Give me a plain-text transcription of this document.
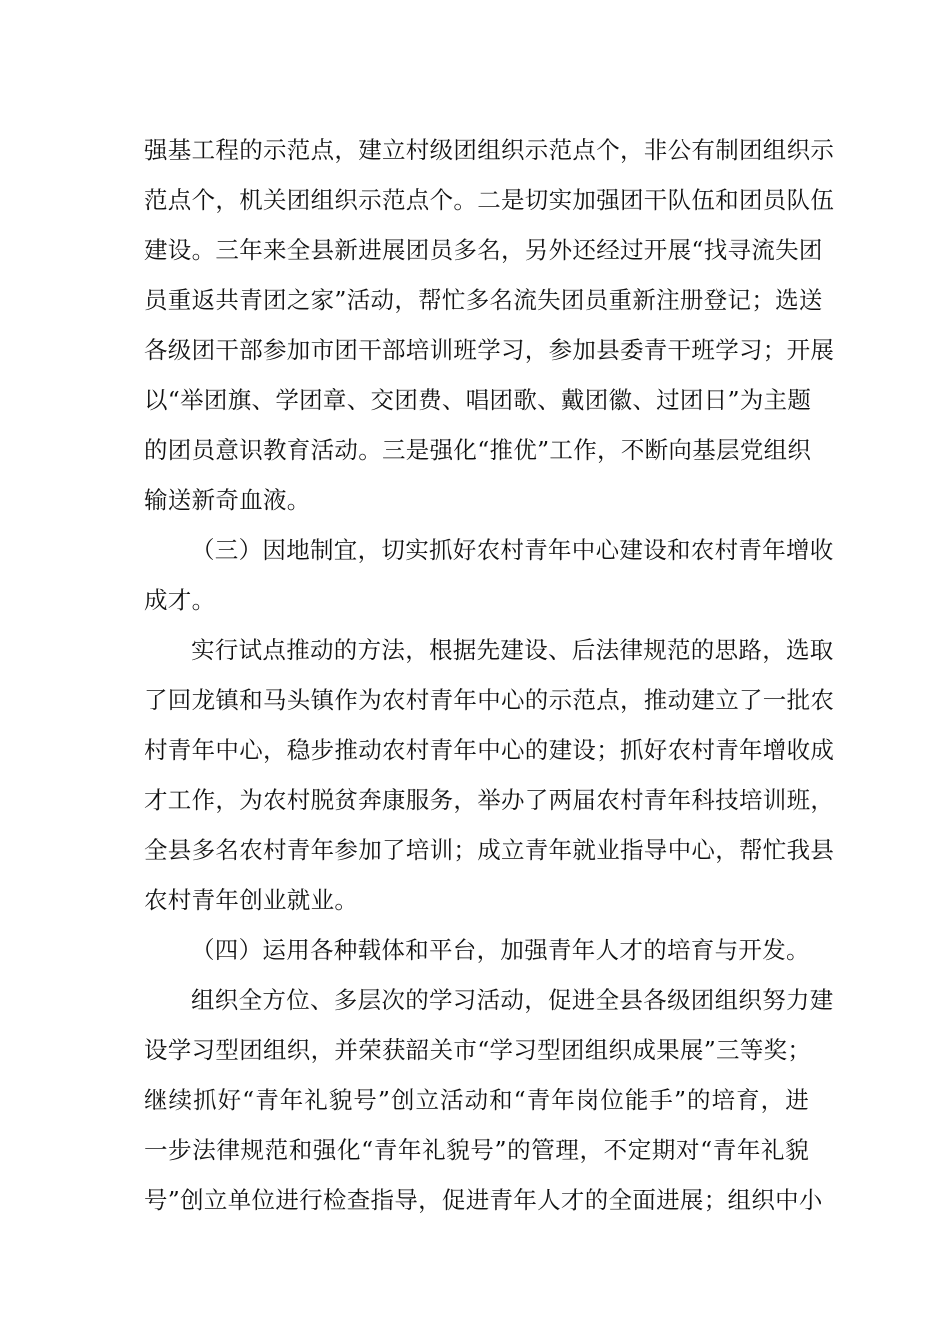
强基工程的示范点，建立村级团组织示范点个，非公有制团组织示
范点个，机关团组织示范点个。二是切实加强团干队伍和团员队伍
建设。三年来全县新进展团员多名，另外还经过开展“找寻流失团
员重返共青团之家”活动，帮忙多名流失团员重新注册登记；选送
各级团干部参加市团干部培训班学习，参加县委青干班学习；开展
以“举团旗、学团章、交团费、唱团歌、戴团徽、过团日”为主题
的团员意识教育活动。三是强化“推优”工作，不断向基层党组织
输送新奇血液。
（三）因地制宜，切实抓好农村青年中心建设和农村青年增收
成才。
实行试点推动的方法，根据先建设、后法律规范的思路，选取
了回龙镇和马头镇作为农村青年中心的示范点，推动建立了一批农
村青年中心，稳步推动农村青年中心的建设；抓好农村青年增收成
才工作，为农村脱贫奔康服务，举办了两届农村青年科技培训班，
全县多名农村青年参加了培训；成立青年就业指导中心，帮忙我县
农村青年创业就业。
（四）运用各种载体和平台，加强青年人才的培育与开发。
组织全方位、多层次的学习活动，促进全县各级团组织努力建
设学习型团组织，并荣获韶关市“学习型团组织成果展”三等奖；
继续抓好“青年礼貌号”创立活动和“青年岗位能手”的培育，进
一步法律规范和强化“青年礼貌号”的管理，不定期对“青年礼貌
号”创立单位进行检查指导，促进青年人才的全面进展；组织中小
